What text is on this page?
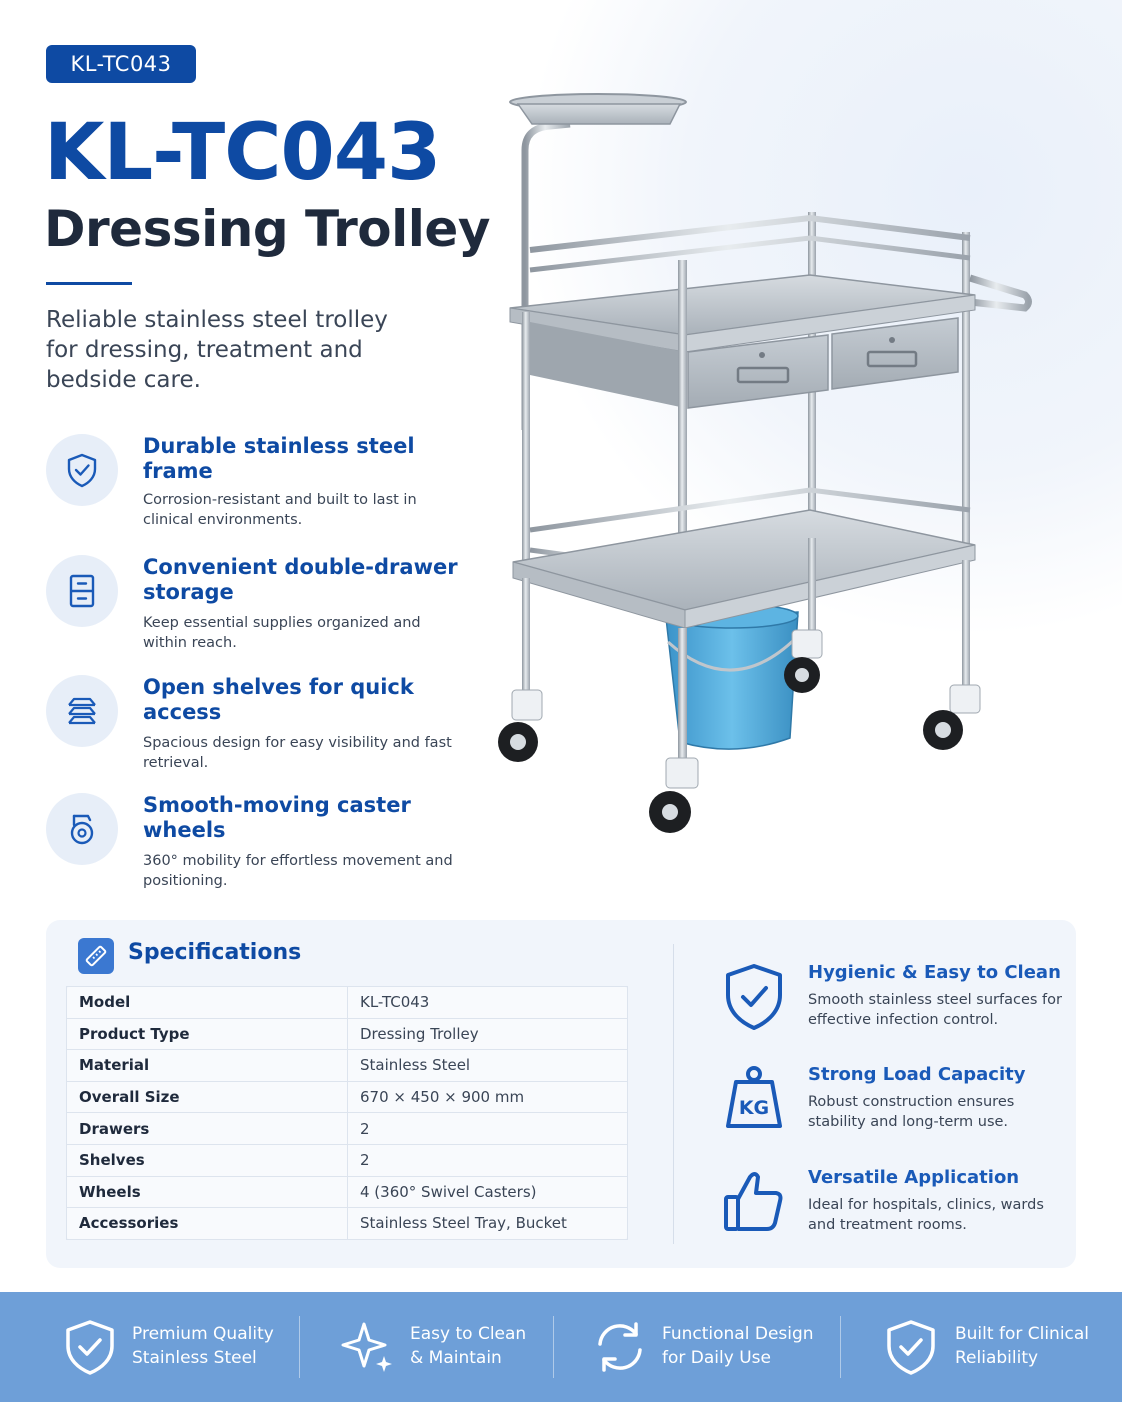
KL-TC043
KL-TC043
Dressing Trolley
Reliable stainless steel trolley for dressing, treatment and bedside care.
Durable stainless steel frame
Corrosion-resistant and built to last in clinical environments.
Convenient double-drawer storage
Keep essential supplies organized and within reach.
Open shelves for quick access
Spacious design for easy visibility and fast retrieval.
Smooth-moving caster wheels
360° mobility for effortless movement and positioning.
Specifications
Model	KL-TC043
Product Type	Dressing Trolley
Material	Stainless Steel
Overall Size	670 × 450 × 900 mm
Drawers	2
Shelves	2
Wheels	4 (360° Swivel Casters)
Accessories	Stainless Steel Tray, Bucket
Hygienic & Easy to Clean
Smooth stainless steel surfaces for effective infection control.
KG
Strong Load Capacity
Robust construction ensures stability and long-term use.
Versatile Application
Ideal for hospitals, clinics, wards and treatment rooms.
Premium Quality Stainless Steel
Easy to Clean & Maintain
Functional Design for Daily Use
Built for Clinical Reliability
